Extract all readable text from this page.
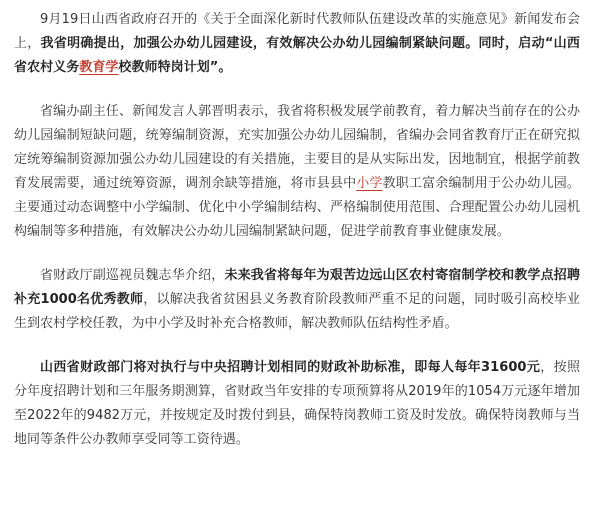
9月19日山西省政府召开的《关于全面深化新时代教师队伍建设改革的实施意见》新闻发布会上，我省明确提出，加强公办幼儿园建设，有效解决公办幼儿园编制紧缺问题。同时，启动“山西省农村义务教育学校教师特岗计划”。

省编办副主任、新闻发言人郭晋明表示，我省将积极发展学前教育，着力解决当前存在的公办幼儿园编制短缺问题，统筹编制资源，充实加强公办幼儿园编制，省编办会同省教育厅正在研究拟定统筹编制资源加强公办幼儿园建设的有关措施，主要目的是从实际出发，因地制宜，根据学前教育发展需要，通过统筹资源，调剂余缺等措施，将市县县中小学教职工富余编制用于公办幼儿园。主要通过动态调整中小学编制、优化中小学编制结构、严格编制使用范围、合理配置公办幼儿园机构编制等多种措施，有效解决公办幼儿园编制紧缺问题，促进学前教育事业健康发展。

省财政厅副巡视员魏志华介绍，未来我省将每年为艰苦边远山区农村寄宿制学校和教学点招聘补充1000名优秀教师，以解决我省贫困县义务教育阶段教师严重不足的问题，同时吸引高校毕业生到农村学校任教，为中小学及时补充合格教师，解决教师队伍结构性矛盾。

山西省财政部门将对执行与中央招聘计划相同的财政补助标准，即每人每年31600元，按照分年度招聘计划和三年服务期测算，省财政当年安排的专项预算将从2019年的1054万元逐年增加至2022年的9482万元，并按规定及时拨付到县，确保特岗教师工资及时发放。确保特岗教师与当地同等条件公办教师享受同等工资待遇。
